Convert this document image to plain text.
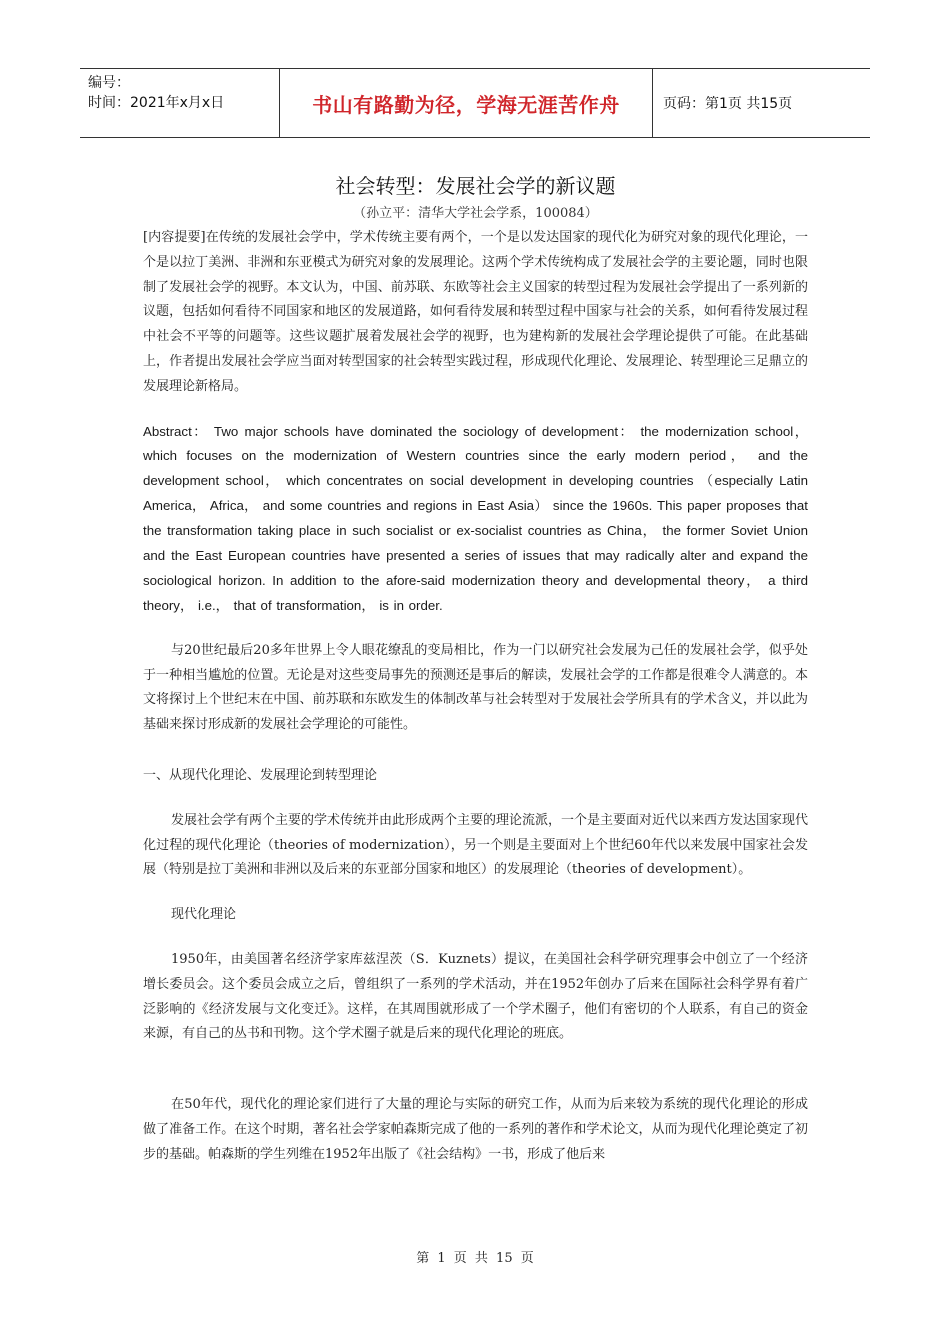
编号：
时间：2021年x月x日	书山有路勤为径，学海无涯苦作舟	页码：第1页 共15页
社会转型：发展社会学的新议题
（孙立平：清华大学社会学系，100084）

[内容提要]在传统的发展社会学中，学术传统主要有两个，一个是以发达国家的现代化为研究对象的现代化理论，一个是以拉丁美洲、非洲和东亚模式为研究对象的发展理论。这两个学术传统构成了发展社会学的主要论题，同时也限制了发展社会学的视野。本文认为，中国、前苏联、东欧等社会主义国家的转型过程为发展社会学提出了一系列新的议题，包括如何看待不同国家和地区的发展道路，如何看待发展和转型过程中国家与社会的关系，如何看待发展过程中社会不平等的问题等。这些议题扩展着发展社会学的视野，也为建构新的发展社会学理论提供了可能。在此基础上，作者提出发展社会学应当面对转型国家的社会转型实践过程，形成现代化理论、发展理论、转型理论三足鼎立的发展理论新格局。

Abstract： Two major schools have dominated the sociology of development： the modernization school， which focuses on the modernization of Western countries since the early modern period， and the development school， which concentrates on social development in developing countries （especially Latin America， Africa， and some countries and regions in East Asia） since the 1960s. This paper proposes that the transformation taking place in such socialist or ex-socialist countries as China， the former Soviet Union and the East European countries have presented a series of issues that may radically alter and expand the sociological horizon. In addition to the afore-said modernization theory and developmental theory， a third theory， i.e.， that of transformation， is in order.

与20世纪最后20多年世界上令人眼花缭乱的变局相比，作为一门以研究社会发展为己任的发展社会学，似乎处于一种相当尴尬的位置。无论是对这些变局事先的预测还是事后的解读，发展社会学的工作都是很难令人满意的。本文将探讨上个世纪末在中国、前苏联和东欧发生的体制改革与社会转型对于发展社会学所具有的学术含义，并以此为基础来探讨形成新的发展社会学理论的可能性。

一、从现代化理论、发展理论到转型理论

发展社会学有两个主要的学术传统并由此形成两个主要的理论流派，一个是主要面对近代以来西方发达国家现代化过程的现代化理论（theories of modernization），另一个则是主要面对上个世纪60年代以来发展中国家社会发展（特别是拉丁美洲和非洲以及后来的东亚部分国家和地区）的发展理论（theories of development）。

现代化理论

1950年，由美国著名经济学家库兹涅茨（S．Kuznets）提议，在美国社会科学研究理事会中创立了一个经济增长委员会。这个委员会成立之后，曾组织了一系列的学术活动，并在1952年创办了后来在国际社会科学界有着广泛影响的《经济发展与文化变迁》。这样，在其周围就形成了一个学术圈子，他们有密切的个人联系，有自己的资金来源，有自己的丛书和刊物。这个学术圈子就是后来的现代化理论的班底。

在50年代，现代化的理论家们进行了大量的理论与实际的研究工作，从而为后来较为系统的现代化理论的形成做了准备工作。在这个时期，著名社会学家帕森斯完成了他的一系列的著作和学术论文，从而为现代化理论奠定了初步的基础。帕森斯的学生列维在1952年出版了《社会结构》一书，形成了他后来

第 1 页 共 15 页
